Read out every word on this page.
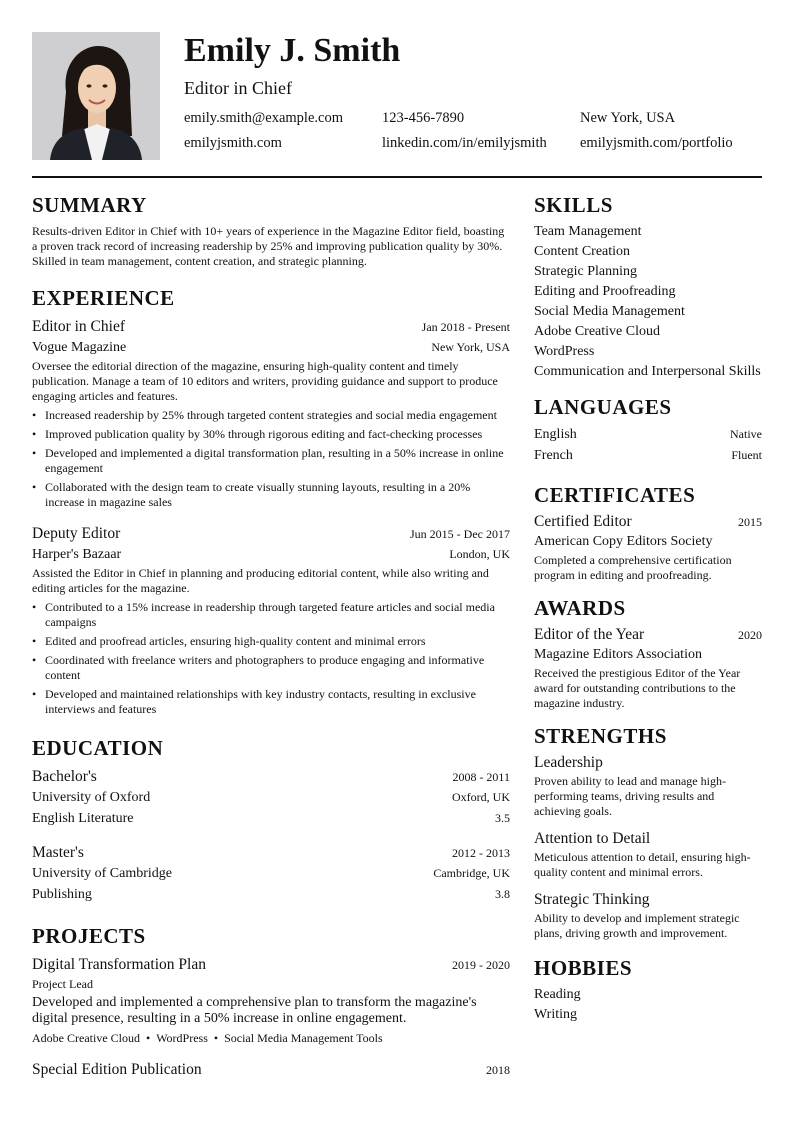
Emily J. Smith
Editor in Chief
emily.smith@example.com	123-456-7890	New York, USA
emilyjsmith.com	linkedin.com/in/emilyjsmith emilyjsmith.com/portfolio
SUMMARY
Results-driven Editor in Chief with 10+ years of experience in the Magazine Editor field, boasting a proven track record of increasing readership by 25% and improving publication quality by 30%. Skilled in team management, content creation, and strategic planning.
EXPERIENCE
Editor in Chief	Jan 2018 - Present
Vogue Magazine	New York, USA
Oversee the editorial direction of the magazine, ensuring high-quality content and timely publication. Manage a team of 10 editors and writers, providing guidance and support to produce engaging articles and features.
• Increased readership by 25% through targeted content strategies and social media engagement
• Improved publication quality by 30% through rigorous editing and fact-checking processes
• Developed and implemented a digital transformation plan, resulting in a 50% increase in online engagement
• Collaborated with the design team to create visually stunning layouts, resulting in a 20% increase in magazine sales
Deputy Editor	Jun 2015 - Dec 2017
Harper's Bazaar	London, UK
Assisted the Editor in Chief in planning and producing editorial content, while also writing and editing articles for the magazine.
• Contributed to a 15% increase in readership through targeted feature articles and social media campaigns
• Edited and proofread articles, ensuring high-quality content and minimal errors
• Coordinated with freelance writers and photographers to produce engaging and informative content
• Developed and maintained relationships with key industry contacts, resulting in exclusive interviews and features
EDUCATION
Bachelor's	2008 - 2011
University of Oxford	Oxford, UK
English Literature	3.5
Master's	2012 - 2013
University of Cambridge	Cambridge, UK
Publishing	3.8
PROJECTS
Digital Transformation Plan	2019 - 2020
Project Lead
Developed and implemented a comprehensive plan to transform the magazine's digital presence, resulting in a 50% increase in online engagement.
Adobe Creative Cloud • WordPress • Social Media Management Tools
Special Edition Publication	2018
SKILLS
Team Management
Content Creation
Strategic Planning
Editing and Proofreading
Social Media Management
Adobe Creative Cloud
WordPress
Communication and Interpersonal Skills
LANGUAGES
English	Native
French	Fluent
CERTIFICATES
Certified Editor	2015
American Copy Editors Society
Completed a comprehensive certification program in editing and proofreading.
AWARDS
Editor of the Year	2020
Magazine Editors Association
Received the prestigious Editor of the Year award for outstanding contributions to the magazine industry.
STRENGTHS
Leadership
Proven ability to lead and manage high-performing teams, driving results and achieving goals.
Attention to Detail
Meticulous attention to detail, ensuring high-quality content and minimal errors.
Strategic Thinking
Ability to develop and implement strategic plans, driving growth and improvement.
HOBBIES
Reading
Writing
